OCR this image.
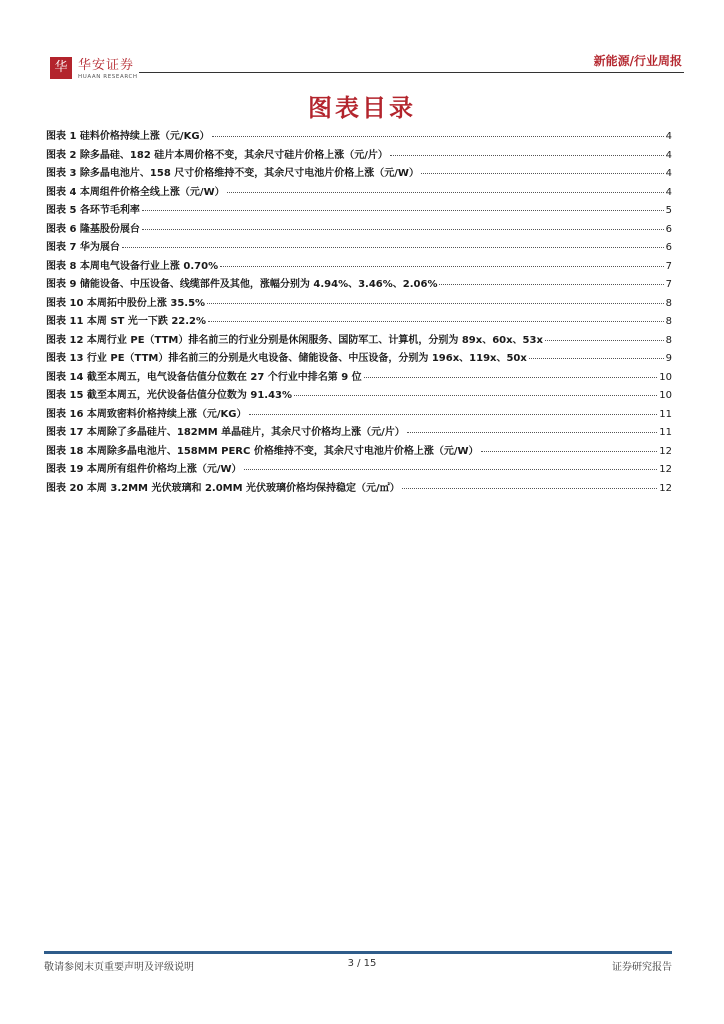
华 华安证券
HUAAN RESEARCH
新能源/行业周报
图表目录
图表 1 硅料价格持续上涨（元/KG）	4
图表 2 除多晶硅、182 硅片本周价格不变，其余尺寸硅片价格上涨（元/片）	4
图表 3 除多晶电池片、158 尺寸价格维持不变，其余尺寸电池片价格上涨（元/W）	4
图表 4 本周组件价格全线上涨（元/W）	4
图表 5 各环节毛利率	5
图表 6 隆基股份展台	6
图表 7 华为展台	6
图表 8 本周电气设备行业上涨 0.70%	7
图表 9 储能设备、中压设备、线缆部件及其他，涨幅分别为 4.94%、3.46%、2.06%	7
图表 10 本周拓中股份上涨 35.5%	8
图表 11 本周 ST 光一下跌 22.2%	8
图表 12 本周行业 PE（TTM）排名前三的行业分别是休闲服务、国防军工、计算机，分别为 89x、60x、53x	8
图表 13 行业 PE（TTM）排名前三的分别是火电设备、储能设备、中压设备，分别为 196x、119x、50x	9
图表 14 截至本周五，电气设备估值分位数在 27 个行业中排名第 9 位	10
图表 15 截至本周五，光伏设备估值分位数为 91.43%	10
图表 16 本周致密料价格持续上涨（元/KG）	11
图表 17 本周除了多晶硅片、182MM 单晶硅片，其余尺寸价格均上涨（元/片）	11
图表 18 本周除多晶电池片、158MM PERC 价格维持不变，其余尺寸电池片价格上涨（元/W）	12
图表 19 本周所有组件价格均上涨（元/W）	12
图表 20 本周 3.2MM 光伏玻璃和 2.0MM 光伏玻璃价格均保持稳定（元/㎡）	12
敬请参阅末页重要声明及评级说明	3 / 15	证券研究报告
